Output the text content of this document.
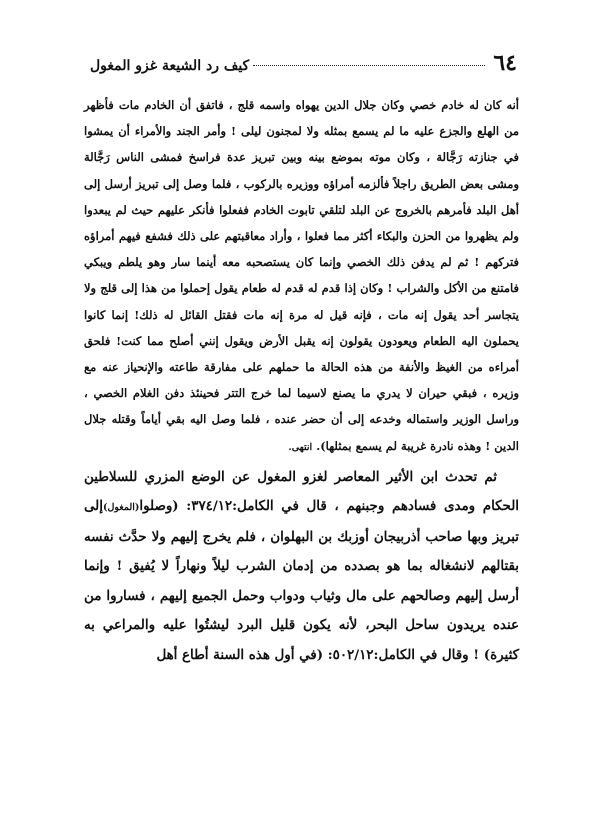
٦٤
كيف رد الشيعة غزو المغول

أنه كان له خادم خصي وكان جلال الدين يهواه واسمه قلج ، فاتفق أن الخادم مات فأظهر من الهلع والجزع عليه ما لم يسمع بمثله ولا لمجنون ليلى ! وأمر الجند والأمراء أن يمشوا في جنازته رَجَّالة ، وكان موته بموضع بينه وبين تبريز عدة فراسخ فمشى الناس رَجَّالة ومشى بعض الطريق راجلاً فألزمه أمراؤه ووزيره بالركوب ، فلما وصل إلى تبريز أرسل إلى أهل البلد فأمرهم بالخروج عن البلد لتلقي تابوت الخادم ففعلوا فأنكر عليهم حيث لم يبعدوا ولم يظهروا من الحزن والبكاء أكثر مما فعلوا ، وأراد معاقبتهم على ذلك فشفع فيهم أمراؤه فتركهم ! ثم لم يدفن ذلك الخصي وإنما كان يستصحبه معه أينما سار وهو يلطم ويبكي فامتنع من الأكل والشراب ! وكان إذا قدم له قدم له طعام يقول إحملوا من هذا إلى قلج ولا يتجاسر أحد يقول إنه مات ، فإنه قيل له مرة إنه مات فقتل القائل له ذلك! إنما كانوا يحملون اليه الطعام ويعودون يقولون إنه يقبل الأرض ويقول إنني أصلح مما كنت! فلحق أمراءه من الغيظ والأنفة من هذه الحالة ما حملهم على مفارقة طاعته والإنحياز عنه مع وزيره ، فبقي حيران لا يدري ما يصنع لاسيما لما خرج التتر فحينئذ دفن الغلام الخصي ، وراسل الوزير واستماله وخدعه إلى أن حضر عنده ، فلما وصل اليه بقي أياماً وقتله جلال الدين ! وهذه نادرة غريبة لم يسمع بمثلها). انتهى.

ثم تحدث ابن الأثير المعاصر لغزو المغول عن الوضع المزري للسلاطين الحكام ومدى فسادهم وجبنهم ، قال في الكامل:٣٧٤/١٢: (وصلوا(المغول)إلى تبريز وبها صاحب أذربيجان أوزبك بن البهلوان ، فلم يخرج إليهم ولا حدَّث نفسه بقتالهم لانشغاله بما هو بصدده من إدمان الشرب ليلاً ونهاراً لا يُفيق ! وإنما أرسل إليهم وصالحهم على مال وثياب ودواب وحمل الجميع إليهم ، فساروا من عنده يريدون ساحل البحر، لأنه يكون قليل البرد ليشتُوا عليه والمراعي به كثيرة) ! وقال في الكامل:٥٠٢/١٢: (في أول هذه السنة أطاع أهل
